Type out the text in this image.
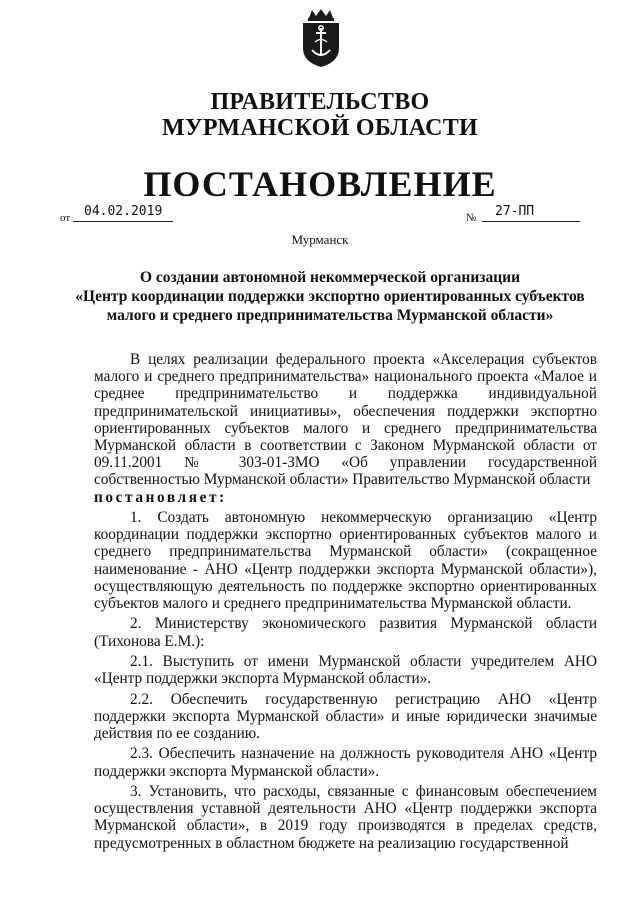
ПРАВИТЕЛЬСТВО
МУРМАНСКОЙ ОБЛАСТИ
ПОСТАНОВЛЕНИЕ
от 04.02.2019	№ 27-ПП
Мурманск
О создании автономной некоммерческой организации
«Центр координации поддержки экспортно ориентированных субъектов
малого и среднего предпринимательства Мурманской области»

В целях реализации федерального проекта «Акселерация субъектов малого и среднего предпринимательства» национального проекта «Малое и среднее предпринимательство и поддержка индивидуальной предпринимательской инициативы», обеспечения поддержки экспортно ориентированных субъектов малого и среднего предпринимательства Мурманской области в соответствии с Законом Мурманской области от 09.11.2001 № 303-01-ЗМО «Об управлении государственной собственностью Мурманской области» Правительство Мурманской области

постановляет:

1. Создать автономную некоммерческую организацию «Центр координации поддержки экспортно ориентированных субъектов малого и среднего предпринимательства Мурманской области» (сокращенное наименование - АНО «Центр поддержки экспорта Мурманской области»), осуществляющую деятельность по поддержке экспортно ориентированных субъектов малого и среднего предпринимательства Мурманской области.

2. Министерству экономического развития Мурманской области (Тихонова Е.М.):

2.1. Выступить от имени Мурманской области учредителем АНО «Центр поддержки экспорта Мурманской области».

2.2. Обеспечить государственную регистрацию АНО «Центр поддержки экспорта Мурманской области» и иные юридически значимые действия по ее созданию.

2.3. Обеспечить назначение на должность руководителя АНО «Центр поддержки экспорта Мурманской области».

3. Установить, что расходы, связанные с финансовым обеспечением осуществления уставной деятельности АНО «Центр поддержки экспорта Мурманской области», в 2019 году производятся в пределах средств, предусмотренных в областном бюджете на реализацию государственной
